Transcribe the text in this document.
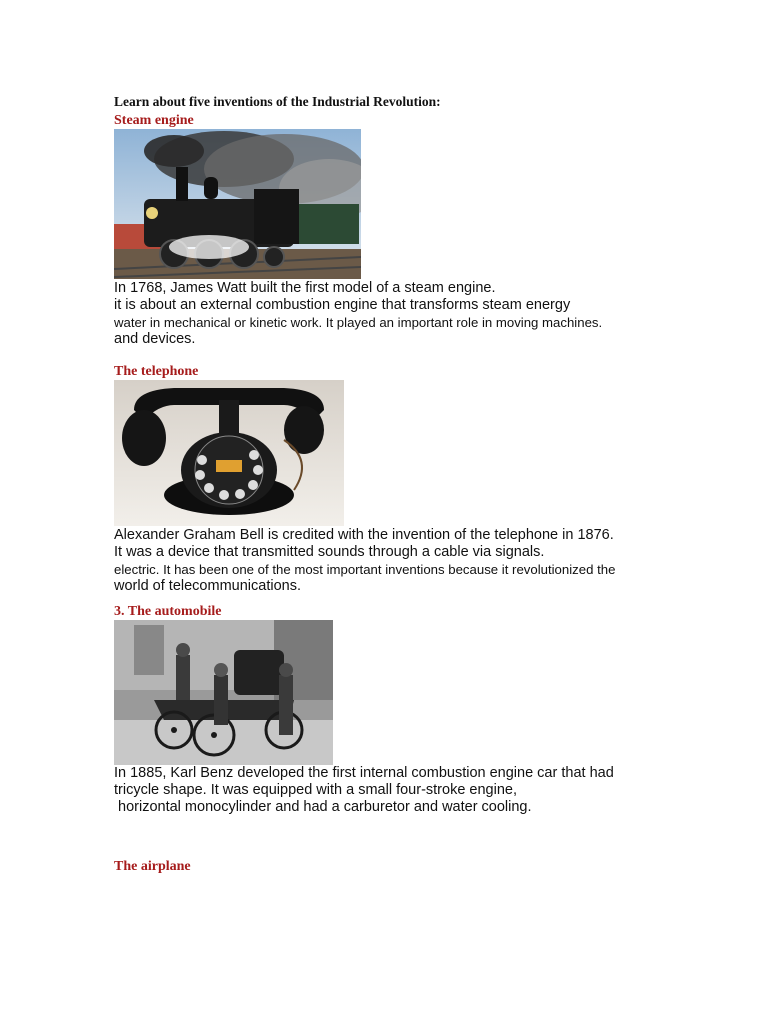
Learn about five inventions of the Industrial Revolution:
Steam engine
In 1768, James Watt built the first model of a steam engine.
it is about an external combustion engine that transforms steam energy
water in mechanical or kinetic work. It played an important role in moving machines.
and devices.
The telephone
Alexander Graham Bell is credited with the invention of the telephone in 1876.
It was a device that transmitted sounds through a cable via signals.
electric. It has been one of the most important inventions because it revolutionized the
world of telecommunications.
3. The automobile
In 1885, Karl Benz developed the first internal combustion engine car that had
tricycle shape. It was equipped with a small four-stroke engine,
horizontal monocylinder and had a carburetor and water cooling.
The airplane
